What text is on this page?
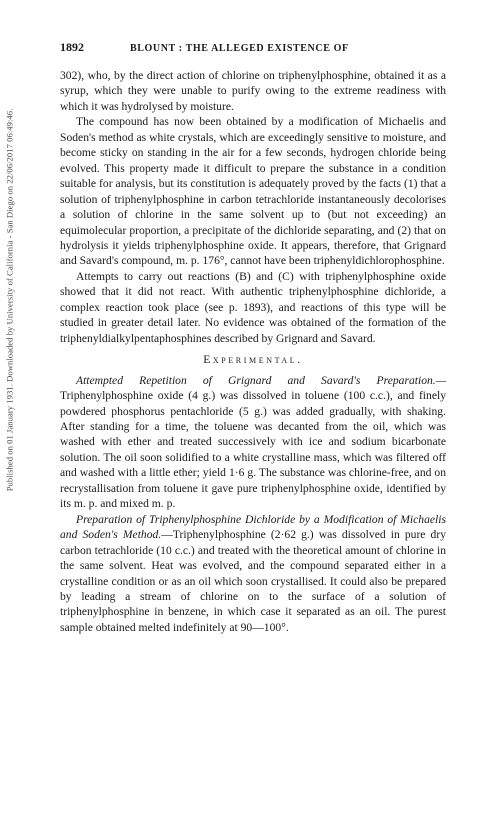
Published on 01 January 1931. Downloaded by University of California - San Diego on 22/06/2017 06:49:46.
1892	BLOUNT : THE ALLEGED EXISTENCE OF

302), who, by the direct action of chlorine on triphenylphosphine, obtained it as a syrup, which they were unable to purify owing to the extreme readiness with which it was hydrolysed by moisture.

The compound has now been obtained by a modification of Michaelis and Soden's method as white crystals, which are exceedingly sensitive to moisture, and become sticky on standing in the air for a few seconds, hydrogen chloride being evolved. This property made it difficult to prepare the substance in a condition suitable for analysis, but its constitution is adequately proved by the facts (1) that a solution of triphenylphosphine in carbon tetrachloride instantaneously decolorises a solution of chlorine in the same solvent up to (but not exceeding) an equimolecular proportion, a precipitate of the dichloride separating, and (2) that on hydrolysis it yields triphenylphosphine oxide. It appears, therefore, that Grignard and Savard's compound, m. p. 176°, cannot have been triphenyldichlorophosphine.

Attempts to carry out reactions (B) and (C) with triphenylphosphine oxide showed that it did not react. With authentic triphenylphosphine dichloride, a complex reaction took place (see p. 1893), and reactions of this type will be studied in greater detail later. No evidence was obtained of the formation of the triphenyldialkylpentaphosphines described by Grignard and Savard.

Experimental.

Attempted Repetition of Grignard and Savard's Preparation.—Triphenylphosphine oxide (4 g.) was dissolved in toluene (100 c.c.), and finely powdered phosphorus pentachloride (5 g.) was added gradually, with shaking. After standing for a time, the toluene was decanted from the oil, which was washed with ether and treated successively with ice and sodium bicarbonate solution. The oil soon solidified to a white crystalline mass, which was filtered off and washed with a little ether; yield 1·6 g. The substance was chlorine-free, and on recrystallisation from toluene it gave pure triphenylphosphine oxide, identified by its m. p. and mixed m. p.

Preparation of Triphenylphosphine Dichloride by a Modification of Michaelis and Soden's Method.—Triphenylphosphine (2·62 g.) was dissolved in pure dry carbon tetrachloride (10 c.c.) and treated with the theoretical amount of chlorine in the same solvent. Heat was evolved, and the compound separated either in a crystalline condition or as an oil which soon crystallised. It could also be prepared by leading a stream of chlorine on to the surface of a solution of triphenylphosphine in benzene, in which case it separated as an oil. The purest sample obtained melted indefinitely at 90—100°.
